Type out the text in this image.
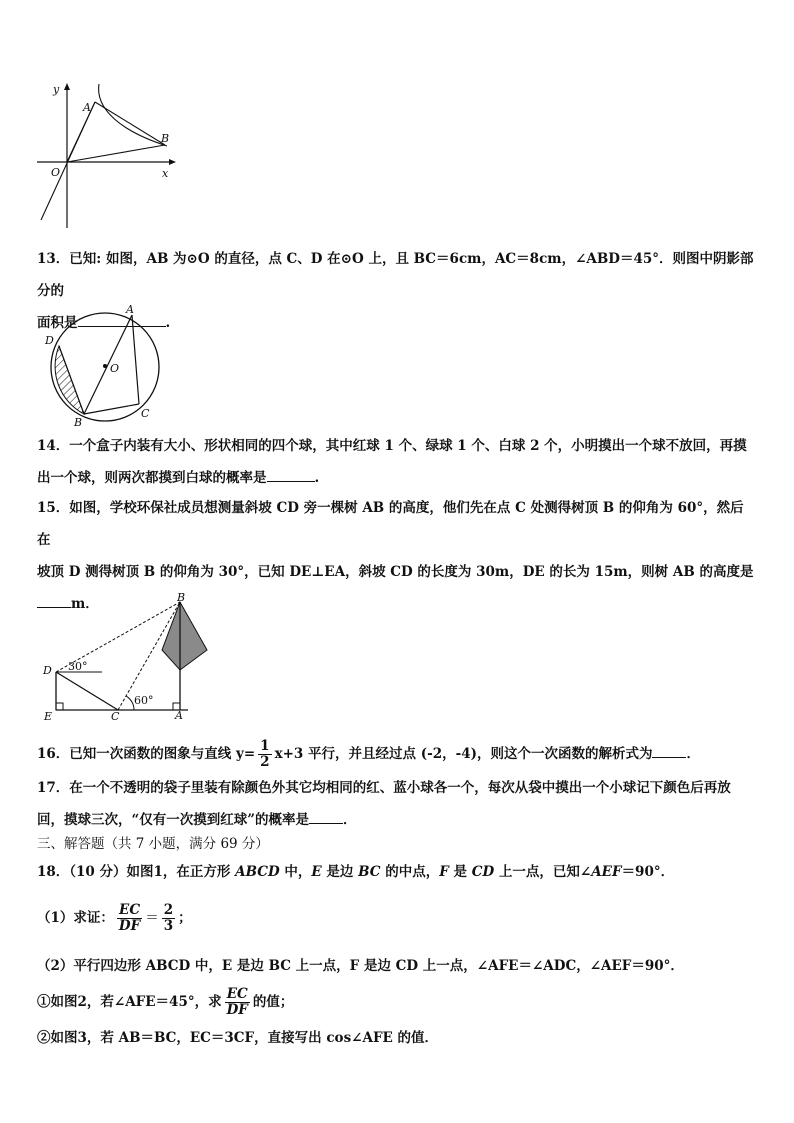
y
x
O
A
B
13．已知: 如图，AB 为⊙O 的直径，点 C、D 在⊙O 上，且 BC＝6cm，AC＝8cm，∠ABD＝45°．则图中阴影部分的
面积是	.
A
B
C
D
O
14．一个盒子内装有大小、形状相同的四个球，其中红球 1 个、绿球 1 个、白球 2 个，小明摸出一个球不放回，再摸
出一个球，则两次都摸到白球的概率是	.
15．如图，学校环保社成员想测量斜坡 CD 旁一棵树 AB 的高度，他们先在点 C 处测得树顶 B 的仰角为 60°，然后在
坡顶 D 测得树顶 B 的仰角为 30°，已知 DE⊥EA，斜坡 CD 的长度为 30m，DE 的长为 15m，则树 AB 的高度是
m．	B
D
E	C	A
30°
60°
16．已知一次函数的图象与直线 $y= \frac{1}{2} x+3$ 平行，并且经过点 (-2，-4)，则这个一次函数的解析式为	．
17．在一个不透明的袋子里装有除颜色外其它均相同的红、蓝小球各一个，每次从袋中摸出一个小球记下颜色后再放
回，摸球三次，“仅有一次摸到红球”的概率是	．
三、解答题（共 7 小题，满分 69 分）
18．（10 分）如图1，在正方形 ABCD 中，E 是边 BC 的中点，F 是 CD 上一点，已知∠AEF＝90°．
（1）求证： $\frac{EC}{DF} = \frac{2}{3}$ ；
（2）平行四边形 ABCD 中，E 是边 BC 上一点，F 是边 CD 上一点，∠AFE＝∠ADC，∠AEF＝90°．
①如图2，若∠AFE＝45°，求 $\frac{EC}{DF}$ 的值；
②如图3，若 AB＝BC，EC＝3CF，直接写出 cos∠AFE 的值．
